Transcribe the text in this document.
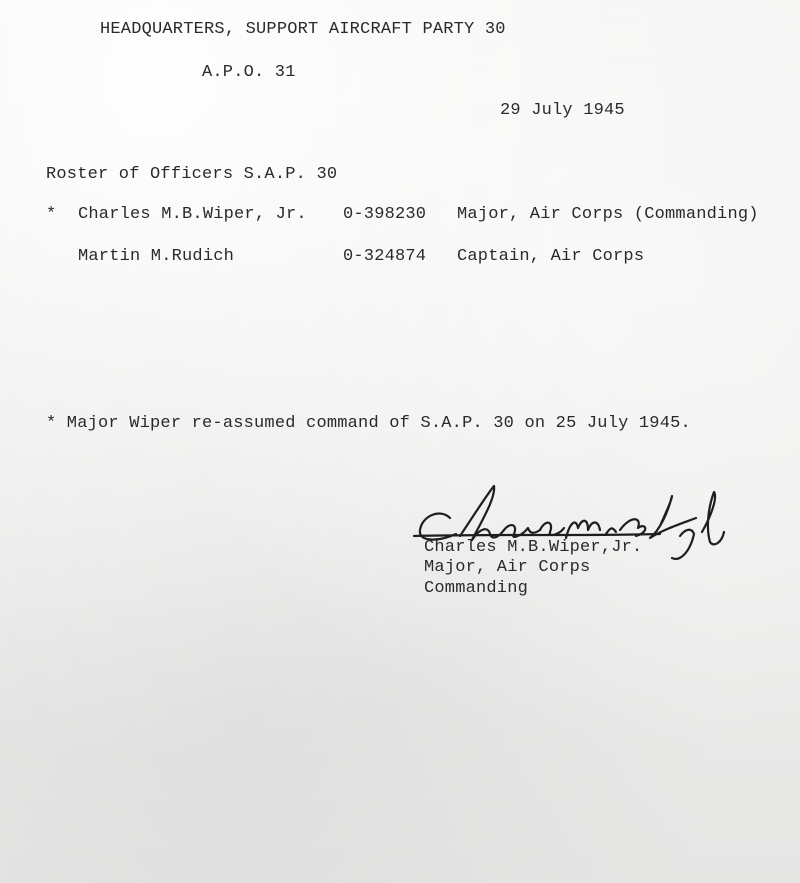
HEADQUARTERS, SUPPORT AIRCRAFT PARTY 30
A.P.O. 31
29 July 1945
Roster of Officers S.A.P. 30
* Charles M.B.Wiper, Jr. 0-398230 Major, Air Corps (Commanding)
Martin M.Rudich	0-324874 Captain, Air Corps
* Major Wiper re-assumed command of S.A.P. 30 on 25 July 1945.
Charles M.B.Wiper,Jr.
Major, Air Corps
Commanding
